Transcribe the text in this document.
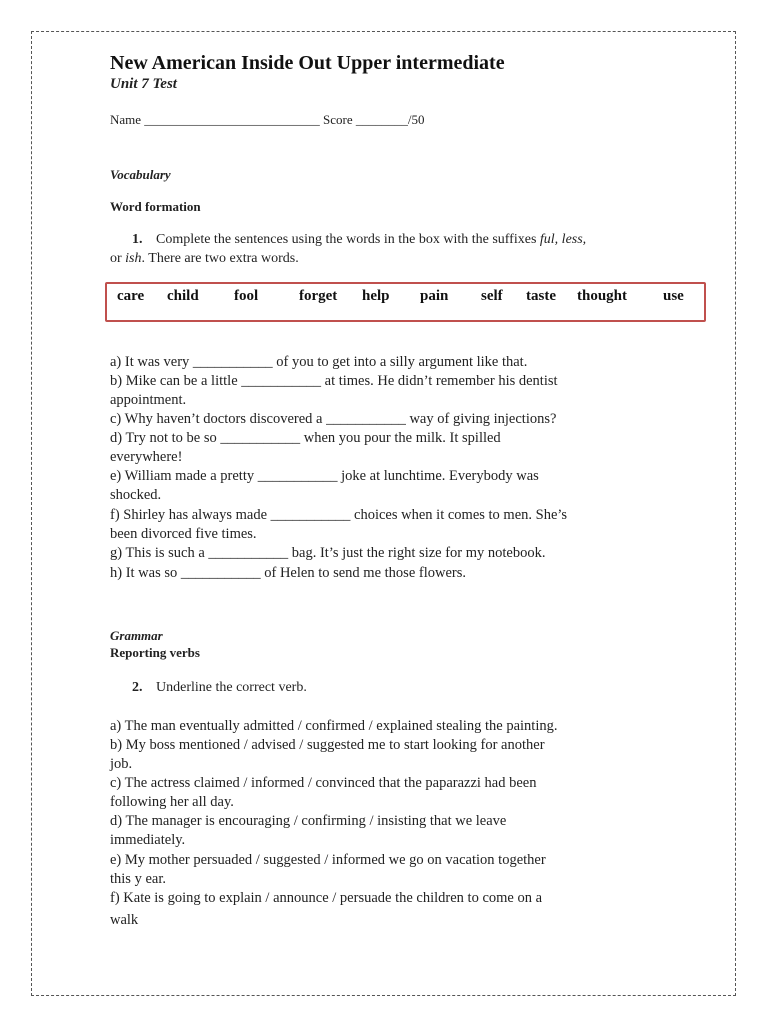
New American Inside Out Upper intermediate
Unit 7 Test
Name ___________________________ Score ________/50
Vocabulary
Word formation
1. Complete the sentences using the words in the box with the suffixes ful, less,
or ish. There are two extra words.
care child fool	forget help pain self taste thought use
a) It was very ___________ of you to get into a silly argument like that.
b) Mike can be a little ___________ at times. He didn’t remember his dentist
appointment.
c) Why haven’t doctors discovered a ___________ way of giving injections?
d) Try not to be so ___________ when you pour the milk. It spilled
everywhere!
e) William made a pretty ___________ joke at lunchtime. Everybody was
shocked.
f) Shirley has always made ___________ choices when it comes to men. She’s
been divorced five times.
g) This is such a ___________ bag. It’s just the right size for my notebook.
h) It was so ___________ of Helen to send me those flowers.
Grammar
Reporting verbs
2. Underline the correct verb.
a) The man eventually admitted / confirmed / explained stealing the painting.
b) My boss mentioned / advised / suggested me to start looking for another
job.
c) The actress claimed / informed / convinced that the paparazzi had been
following her all day.
d) The manager is encouraging / confirming / insisting that we leave
immediately.
e) My mother persuaded / suggested / informed we go on vacation together
this y ear.
f) Kate is going to explain / announce / persuade the children to come on a
walk
